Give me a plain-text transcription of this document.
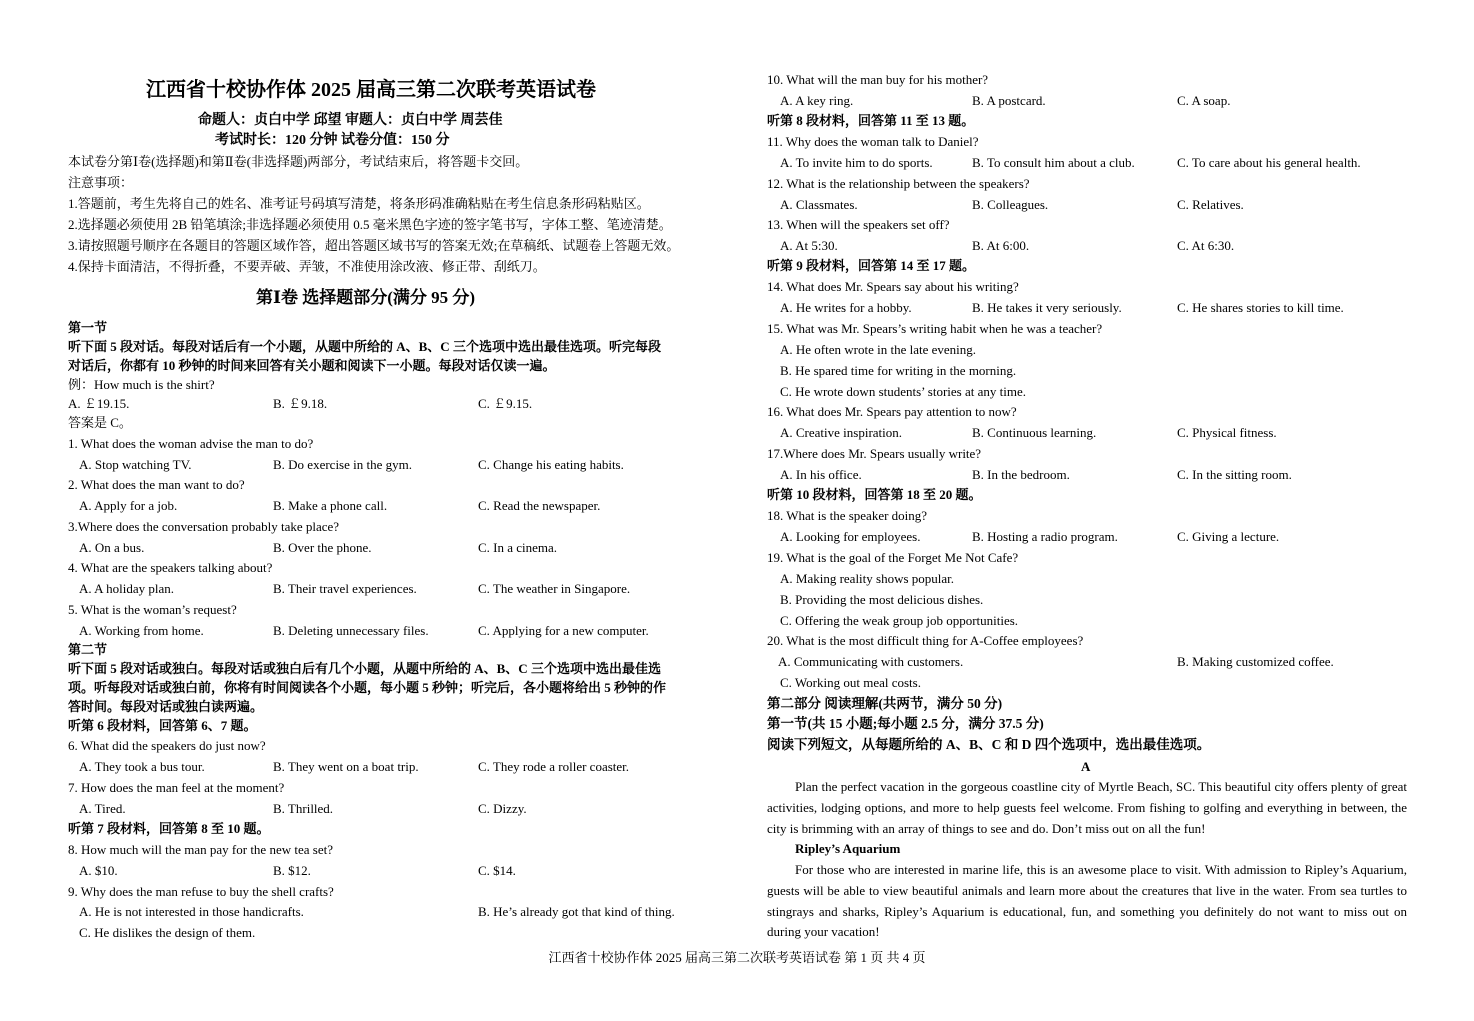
江西省十校协作体 2025 届高三第二次联考英语试卷
命题人：贞白中学 邱望 审题人：贞白中学 周芸佳
考试时长：120 分钟 试卷分值：150 分
本试卷分第Ⅰ卷(选择题)和第Ⅱ卷(非选择题)两部分，考试结束后，将答题卡交回。
注意事项：
1.答题前，考生先将自己的姓名、准考证号码填写清楚，将条形码准确粘贴在考生信息条形码粘贴区。
2.选择题必须使用 2B 铅笔填涂;非选择题必须使用 0.5 毫米黑色字迹的签字笔书写，字体工整、笔迹清楚。
3.请按照题号顺序在各题目的答题区域作答，超出答题区域书写的答案无效;在草稿纸、试题卷上答题无效。
4.保持卡面清洁，不得折叠，不要弄破、弄皱，不准使用涂改液、修正带、刮纸刀。
第Ⅰ卷 选择题部分(满分 95 分)
第一节
听下面 5 段对话。每段对话后有一个小题，从题中所给的 A、B、C 三个选项中选出最佳选项。听完每段
对话后，你都有 10 秒钟的时间来回答有关小题和阅读下一小题。每段对话仅读一遍。
例：How much is the shirt?
A. ￡19.15.	B. ￡9.18.	C. ￡9.15.
答案是 C。
1. What does the woman advise the man to do?
A. Stop watching TV.	B. Do exercise in the gym.	C. Change his eating habits.
2. What does the man want to do?
A. Apply for a job.	B. Make a phone call.	C. Read the newspaper.
3.Where does the conversation probably take place?
A. On a bus.	B. Over the phone.	C. In a cinema.
4. What are the speakers talking about?
A. A holiday plan.	B. Their travel experiences.	C. The weather in Singapore.
5. What is the woman’s request?
A. Working from home.	B. Deleting unnecessary files.	C. Applying for a new computer.
第二节
听下面 5 段对话或独白。每段对话或独白后有几个小题，从题中所给的 A、B、C 三个选项中选出最佳选
项。听每段对话或独白前，你将有时间阅读各个小题，每小题 5 秒钟；听完后，各小题将给出 5 秒钟的作
答时间。每段对话或独白读两遍。
听第 6 段材料，回答第 6、7 题。
6. What did the speakers do just now?
A. They took a bus tour.	B. They went on a boat trip.	C. They rode a roller coaster.
7. How does the man feel at the moment?
A. Tired.	B. Thrilled.	C. Dizzy.
听第 7 段材料，回答第 8 至 10 题。
8. How much will the man pay for the new tea set?
A. $10.	B. $12.	C. $14.
9. Why does the man refuse to buy the shell crafts?
A. He is not interested in those handicrafts.	B. He’s already got that kind of thing.
C. He dislikes the design of them.
10. What will the man buy for his mother?
A. A key ring.	B. A postcard.	C. A soap.
听第 8 段材料，回答第 11 至 13 题。
11. Why does the woman talk to Daniel?
A. To invite him to do sports.	B. To consult him about a club.	C. To care about his general health.
12. What is the relationship between the speakers?
A. Classmates.	B. Colleagues.	C. Relatives.
13. When will the speakers set off?
A. At 5:30.	B. At 6:00.	C. At 6:30.
听第 9 段材料，回答第 14 至 17 题。
14. What does Mr. Spears say about his writing?
A. He writes for a hobby.	B. He takes it very seriously.	C. He shares stories to kill time.
15. What was Mr. Spears’s writing habit when he was a teacher?
A. He often wrote in the late evening.
B. He spared time for writing in the morning.
C. He wrote down students’ stories at any time.
16. What does Mr. Spears pay attention to now?
A. Creative inspiration.	B. Continuous learning.	C. Physical fitness.
17.Where does Mr. Spears usually write?
A. In his office.	B. In the bedroom.	C. In the sitting room.
听第 10 段材料，回答第 18 至 20 题。
18. What is the speaker doing?
A. Looking for employees.	B. Hosting a radio program.	C. Giving a lecture.
19. What is the goal of the Forget Me Not Cafe?
A. Making reality shows popular.
B. Providing the most delicious dishes.
C. Offering the weak group job opportunities.
20. What is the most difficult thing for A-Coffee employees?
A. Communicating with customers.	B. Making customized coffee.
C. Working out meal costs.
第二部分 阅读理解(共两节，满分 50 分)
第一节(共 15 小题;每小题 2.5 分，满分 37.5 分)
阅读下列短文，从每题所给的 A、B、C 和 D 四个选项中，选出最佳选项。
A
Plan the perfect vacation in the gorgeous coastline city of Myrtle Beach, SC. This beautiful city offers plenty of great activities, lodging options, and more to help guests feel welcome. From fishing to golfing and everything in between, the city is brimming with an array of things to see and do. Don’t miss out on all the fun!
Ripley’s Aquarium
For those who are interested in marine life, this is an awesome place to visit. With admission to Ripley’s Aquarium, guests will be able to view beautiful animals and learn more about the creatures that live in the water. From sea turtles to stingrays and sharks, Ripley’s Aquarium is educational, fun, and something you definitely do not want to miss out on during your vacation!
江西省十校协作体 2025 届高三第二次联考英语试卷 第 1 页 共 4 页
